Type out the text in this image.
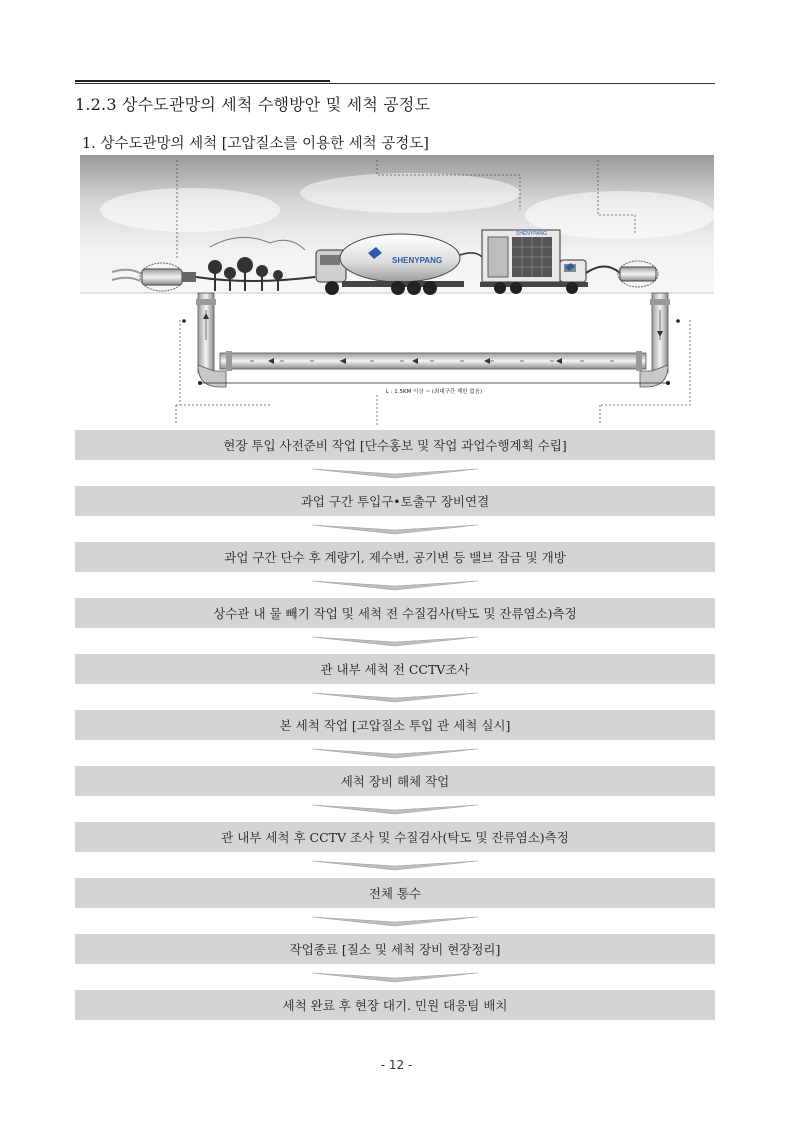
1.2.3 상수도관망의 세척 수행방안 및 세척 공정도
1. 상수도관망의 세척 [고압질소를 이용한 세척 공정도]
SHENYPANG
SHENYPANG
L : 1.5KM 이상 ~ (최대구간 제한 없음)
현장 투입 사전준비 작업 [단수홍보 및 작업 과업수행계획 수립]
과업 구간 투입구•토출구 장비연결
과업 구간 단수 후 계량기, 제수변, 공기변 등 밸브 잠금 및 개방
상수관 내 물 빼기 작업 및 세척 전 수질검사(탁도 및 잔류염소)측정
관 내부 세척 전 CCTV조사
본 세척 작업 [고압질소 투입 관 세척 실시]
세척 장비 해체 작업
관 내부 세척 후 CCTV 조사 및 수질검사(탁도 및 잔류염소)측정
전체 통수
작업종료 [질소 및 세척 장비 현장정리]
세척 완료 후 현장 대기. 민원 대응팀 배치
- 12 -
